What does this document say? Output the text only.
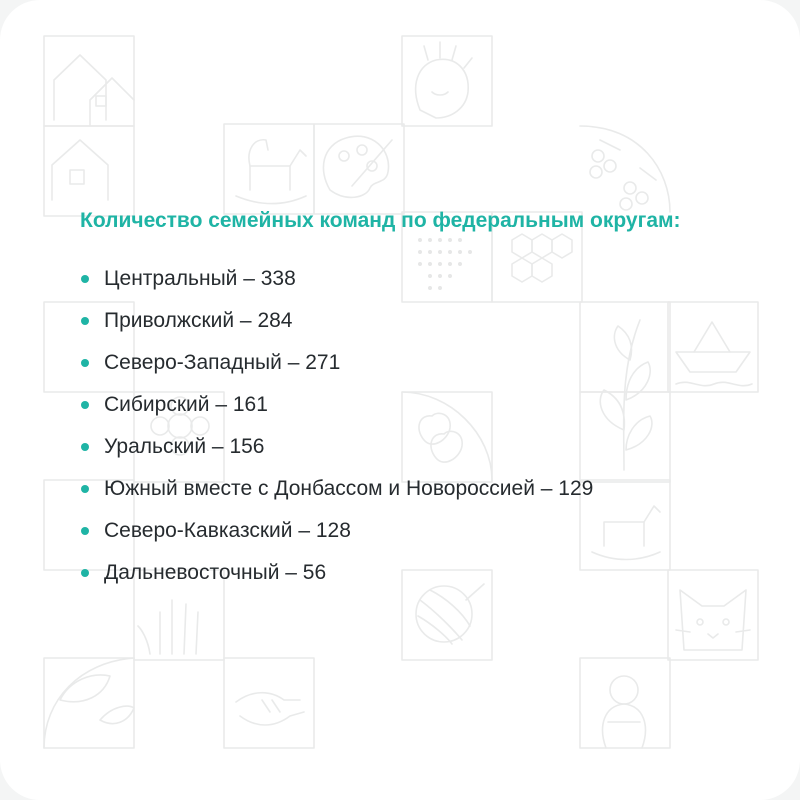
Количество семейных команд по федеральным округам:
Центральный – 338
Приволжский – 284
Северо-Западный – 271
Сибирский – 161
Уральский – 156
Южный вместе с Донбассом и Новороссией – 129
Северо-Кавказский – 128
Дальневосточный – 56
